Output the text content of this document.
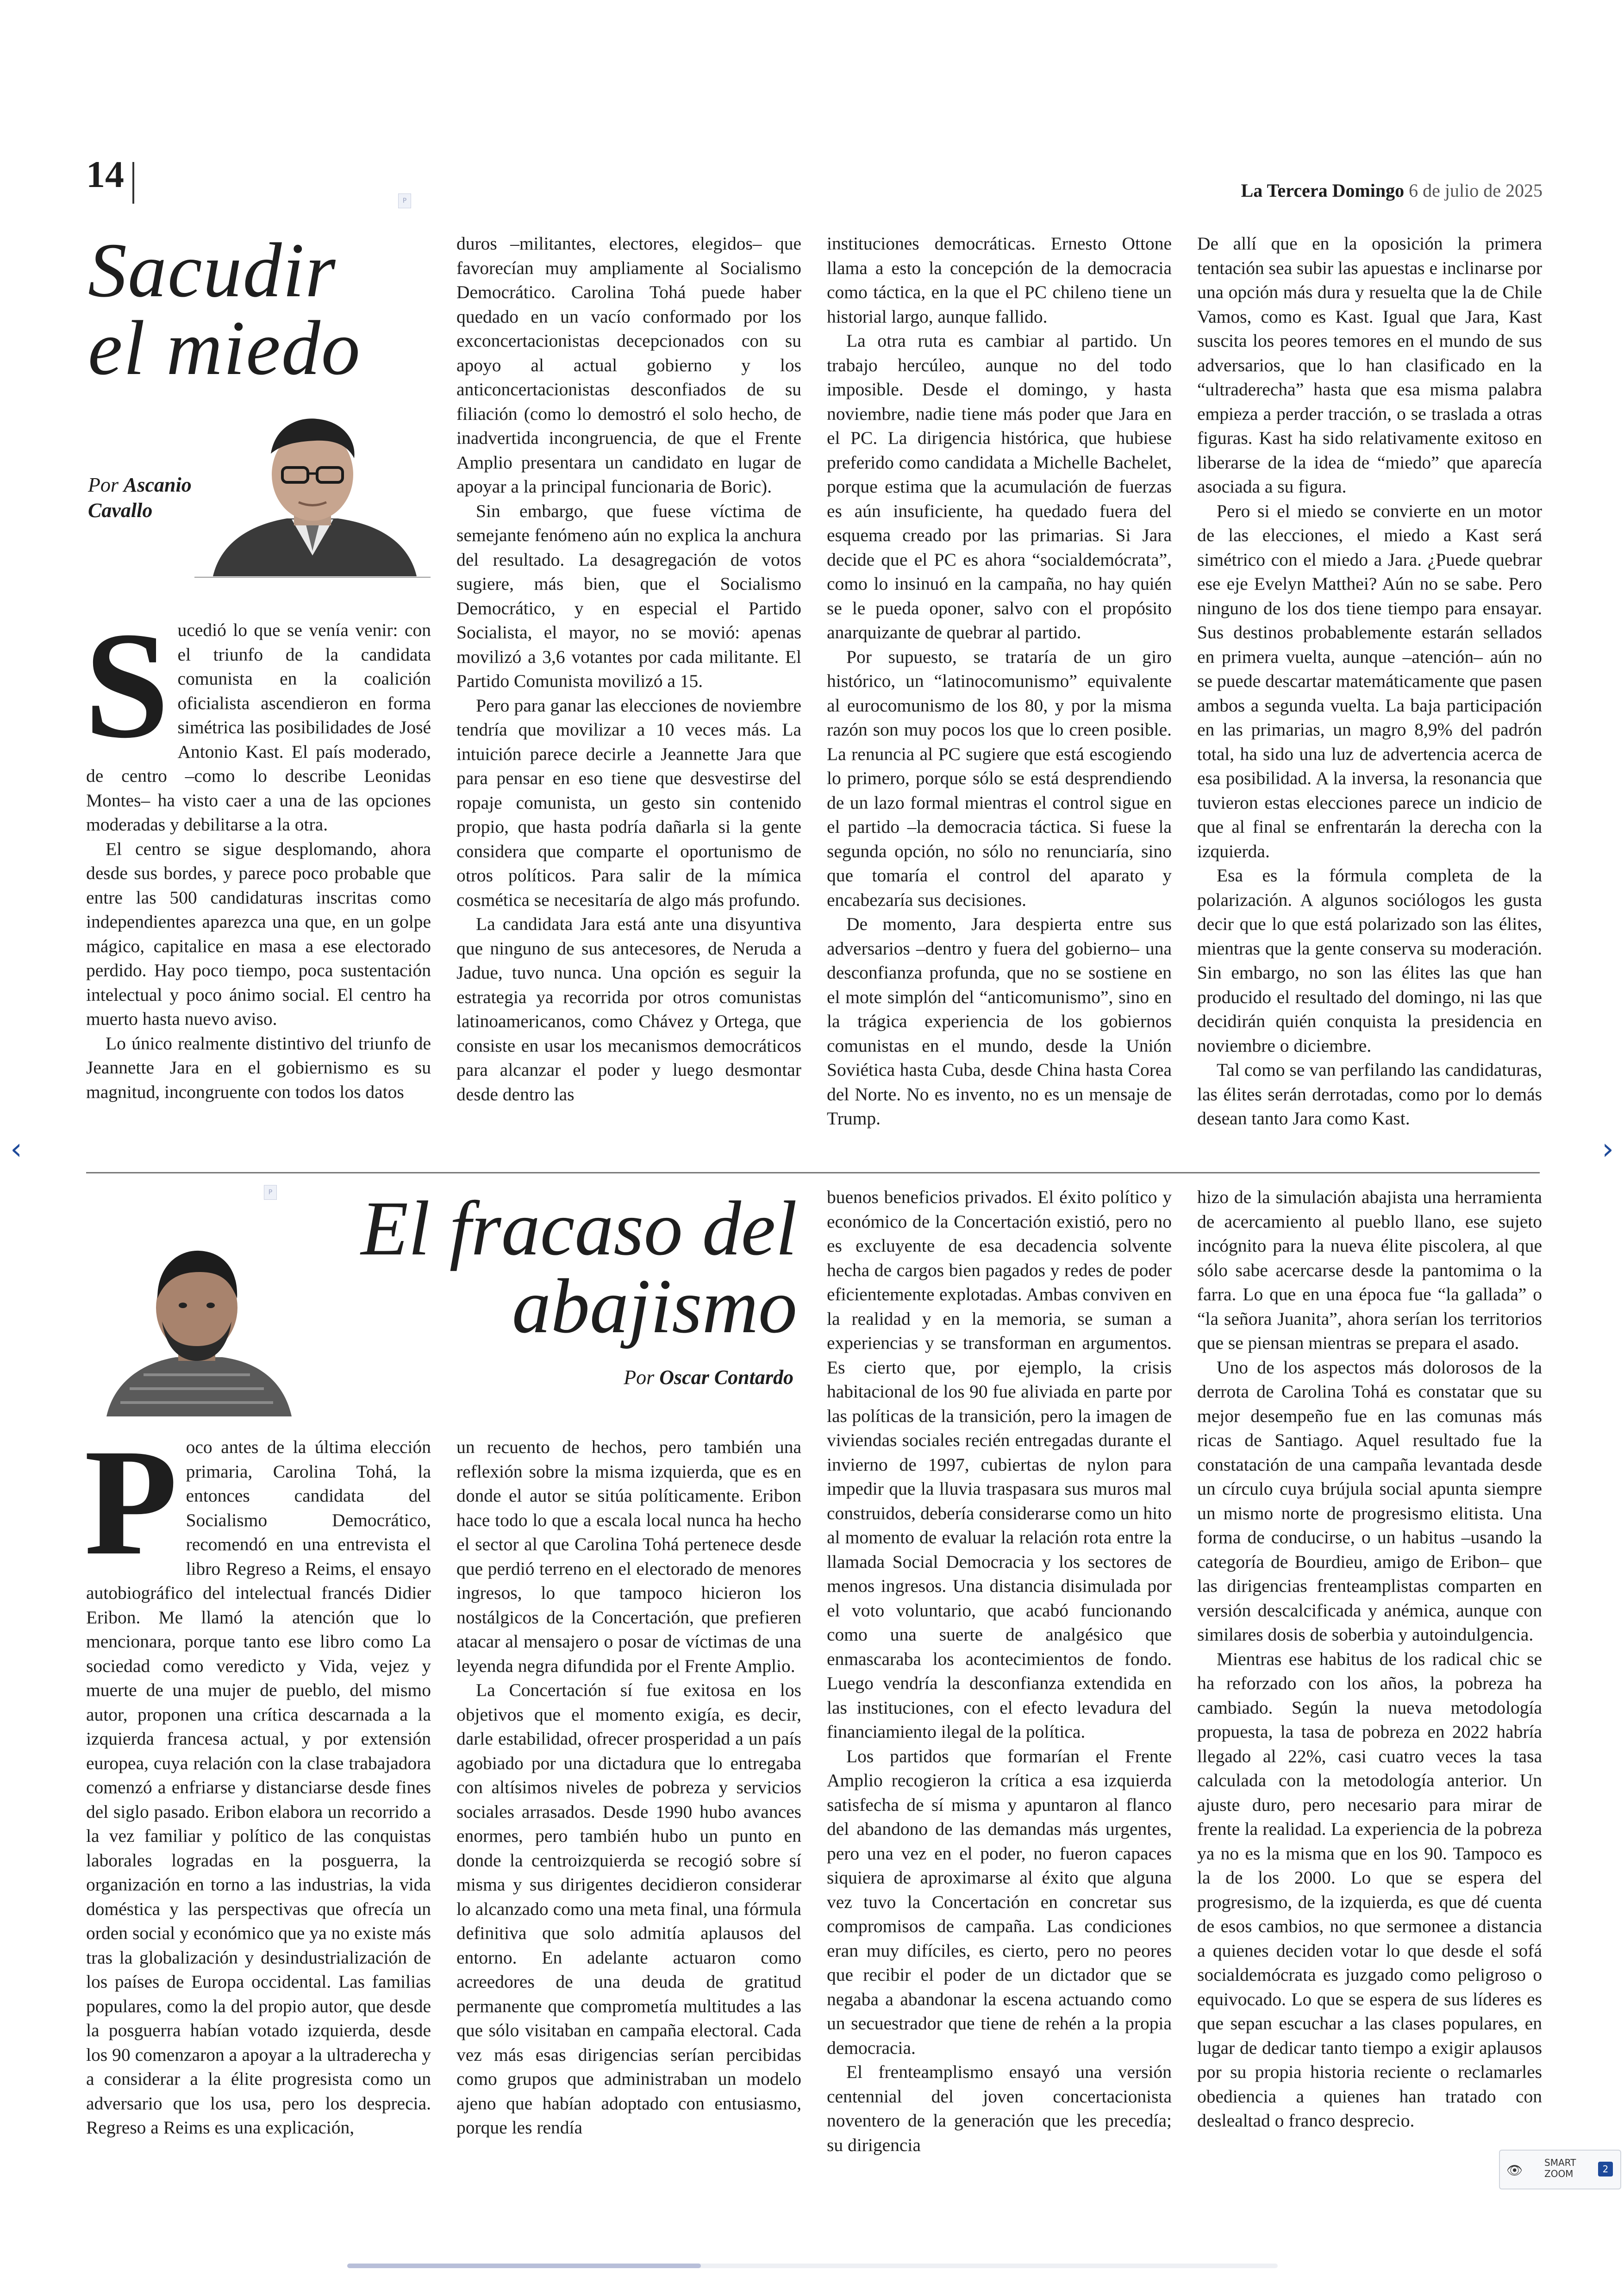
14	La Tercera Domingo 6 de julio de 2025
P
Sacudir
el miedo
Por Ascanio
Cavallo
S ucedió lo que se venía venir: con el triunfo de la candidata comunista en la coalición oficialista ascendieron en forma simétrica las posibilidades de José Antonio Kast. El país moderado, de centro –como lo describe Leonidas Montes– ha visto caer a una de las opciones moderadas y debilitarse a la otra.

El centro se sigue desplomando, ahora desde sus bordes, y parece poco probable que entre las 500 candidaturas inscritas como independientes aparezca una que, en un golpe mágico, capitalice en masa a ese electorado perdido. Hay poco tiempo, poca sustentación intelectual y poco ánimo social. El centro ha muerto hasta nuevo aviso.

Lo único realmente distintivo del triunfo de Jeannette Jara en el gobiernismo es su magnitud, incongruente con todos los datos

duros –militantes, electores, elegidos– que favorecían muy ampliamente al Socialismo Democrático. Carolina Tohá puede haber quedado en un vacío conformado por los exconcertacionistas decepcionados con su apoyo al actual gobierno y los anticoncertacionistas desconfiados de su filiación (como lo demostró el solo hecho, de inadvertida incongruencia, de que el Frente Amplio presentara un candidato en lugar de apoyar a la principal funcionaria de Boric).

Sin embargo, que fuese víctima de semejante fenómeno aún no explica la anchura del resultado. La desagregación de votos sugiere, más bien, que el Socialismo Democrático, y en especial el Partido Socialista, el mayor, no se movió: apenas movilizó a 3,6 votantes por cada militante. El Partido Comunista movilizó a 15.

Pero para ganar las elecciones de noviembre tendría que movilizar a 10 veces más. La intuición parece decirle a Jeannette Jara que para pensar en eso tiene que desvestirse del ropaje comunista, un gesto sin contenido propio, que hasta podría dañarla si la gente considera que comparte el oportunismo de otros políticos. Para salir de la mímica cosmética se necesitaría de algo más profundo.

La candidata Jara está ante una disyuntiva que ninguno de sus antecesores, de Neruda a Jadue, tuvo nunca. Una opción es seguir la estrategia ya recorrida por otros comunistas latinoamericanos, como Chávez y Ortega, que consiste en usar los mecanismos democráticos para alcanzar el poder y luego desmontar desde dentro las

instituciones democráticas. Ernesto Ottone llama a esto la concepción de la democracia como táctica, en la que el PC chileno tiene un historial largo, aunque fallido.

La otra ruta es cambiar al partido. Un trabajo hercúleo, aunque no del todo imposible. Desde el domingo, y hasta noviembre, nadie tiene más poder que Jara en el PC. La dirigencia histórica, que hubiese preferido como candidata a Michelle Bachelet, porque estima que la acumulación de fuerzas es aún insuficiente, ha quedado fuera del esquema creado por las primarias. Si Jara decide que el PC es ahora “socialdemócrata”, como lo insinuó en la campaña, no hay quién se le pueda oponer, salvo con el propósito anarquizante de quebrar al partido.

Por supuesto, se trataría de un giro histórico, un “latinocomunismo” equivalente al eurocomunismo de los 80, y por la misma razón son muy pocos los que lo creen posible. La renuncia al PC sugiere que está escogiendo lo primero, porque sólo se está desprendiendo de un lazo formal mientras el control sigue en el partido –la democracia táctica. Si fuese la segunda opción, no sólo no renunciaría, sino que tomaría el control del aparato y encabezaría sus decisiones.

De momento, Jara despierta entre sus adversarios –dentro y fuera del gobierno– una desconfianza profunda, que no se sostiene en el mote simplón del “anticomunismo”, sino en la trágica experiencia de los gobiernos comunistas en el mundo, desde la Unión Soviética hasta Cuba, desde China hasta Corea del Norte. No es invento, no es un mensaje de Trump.

De allí que en la oposición la primera tentación sea subir las apuestas e inclinarse por una opción más dura y resuelta que la de Chile Vamos, como es Kast. Igual que Jara, Kast suscita los peores temores en el mundo de sus adversarios, que lo han clasificado en la “ultraderecha” hasta que esa misma palabra empieza a perder tracción, o se traslada a otras figuras. Kast ha sido relativamente exitoso en liberarse de la idea de “miedo” que aparecía asociada a su figura.

Pero si el miedo se convierte en un motor de las elecciones, el miedo a Kast será simétrico con el miedo a Jara. ¿Puede quebrar ese eje Evelyn Matthei? Aún no se sabe. Pero ninguno de los dos tiene tiempo para ensayar. Sus destinos probablemente estarán sellados en primera vuelta, aunque –atención– aún no se puede descartar matemáticamente que pasen ambos a segunda vuelta. La baja participación en las primarias, un magro 8,9% del padrón total, ha sido una luz de advertencia acerca de esa posibilidad. A la inversa, la resonancia que tuvieron estas elecciones parece un indicio de que al final se enfrentarán la derecha con la izquierda.

Esa es la fórmula completa de la polarización. A algunos sociólogos les gusta decir que lo que está polarizado son las élites, mientras que la gente conserva su moderación. Sin embargo, no son las élites las que han producido el resultado del domingo, ni las que decidirán quién conquista la presidencia en noviembre o diciembre.

Tal como se van perfilando las candidaturas, las élites serán derrotadas, como por lo demás desean tanto Jara como Kast.

‹	›
P El fracaso del
abajismo
Por Oscar Contardo
P oco antes de la última elección primaria, Carolina Tohá, la entonces candidata del Socialismo Democrático, recomendó en una entrevista el libro Regreso a Reims, el ensayo autobiográfico del intelectual francés Didier Eribon. Me llamó la atención que lo mencionara, porque tanto ese libro como La sociedad como veredicto y Vida, vejez y muerte de una mujer de pueblo, del mismo autor, proponen una crítica descarnada a la izquierda francesa actual, y por extensión europea, cuya relación con la clase trabajadora comenzó a enfriarse y distanciarse desde fines del siglo pasado. Eribon elabora un recorrido a la vez familiar y político de las conquistas laborales logradas en la posguerra, la organización en torno a las industrias, la vida doméstica y las perspectivas que ofrecía un orden social y económico que ya no existe más tras la globalización y desindustrialización de los países de Europa occidental. Las familias populares, como la del propio autor, que desde la posguerra habían votado izquierda, desde los 90 comenzaron a apoyar a la ultraderecha y a considerar a la élite progresista como un adversario que los usa, pero los desprecia. Regreso a Reims es una explicación,

un recuento de hechos, pero también una reflexión sobre la misma izquierda, que es en donde el autor se sitúa políticamente. Eribon hace todo lo que a escala local nunca ha hecho el sector al que Carolina Tohá pertenece desde que perdió terreno en el electorado de menores ingresos, lo que tampoco hicieron los nostálgicos de la Concertación, que prefieren atacar al mensajero o posar de víctimas de una leyenda negra difundida por el Frente Amplio.

La Concertación sí fue exitosa en los objetivos que el momento exigía, es decir, darle estabilidad, ofrecer prosperidad a un país agobiado por una dictadura que lo entregaba con altísimos niveles de pobreza y servicios sociales arrasados. Desde 1990 hubo avances enormes, pero también hubo un punto en donde la centroizquierda se recogió sobre sí misma y sus dirigentes decidieron considerar lo alcanzado como una meta final, una fórmula definitiva que solo admitía aplausos del entorno. En adelante actuaron como acreedores de una deuda de gratitud permanente que comprometía multitudes a las que sólo visitaban en campaña electoral. Cada vez más esas dirigencias serían percibidas como grupos que administraban un modelo ajeno que habían adoptado con entusiasmo, porque les rendía

buenos beneficios privados. El éxito político y económico de la Concertación existió, pero no es excluyente de esa decadencia solvente hecha de cargos bien pagados y redes de poder eficientemente explotadas. Ambas conviven en la realidad y en la memoria, se suman a experiencias y se transforman en argumentos. Es cierto que, por ejemplo, la crisis habitacional de los 90 fue aliviada en parte por las políticas de la transición, pero la imagen de viviendas sociales recién entregadas durante el invierno de 1997, cubiertas de nylon para impedir que la lluvia traspasara sus muros mal construidos, debería considerarse como un hito al momento de evaluar la relación rota entre la llamada Social Democracia y los sectores de menos ingresos. Una distancia disimulada por el voto voluntario, que acabó funcionando como una suerte de analgésico que enmascaraba los acontecimientos de fondo. Luego vendría la desconfianza extendida en las instituciones, con el efecto levadura del financiamiento ilegal de la política.

Los partidos que formarían el Frente Amplio recogieron la crítica a esa izquierda satisfecha de sí misma y apuntaron al flanco del abandono de las demandas más urgentes, pero una vez en el poder, no fueron capaces siquiera de aproximarse al éxito que alguna vez tuvo la Concertación en concretar sus compromisos de campaña. Las condiciones eran muy difíciles, es cierto, pero no peores que recibir el poder de un dictador que se negaba a abandonar la escena actuando como un secuestrador que tiene de rehén a la propia democracia.

El frenteamplismo ensayó una versión centennial del joven concertacionista noventero de la generación que les precedía; su dirigencia

hizo de la simulación abajista una herramienta de acercamiento al pueblo llano, ese sujeto incógnito para la nueva élite piscolera, al que sólo sabe acercarse desde la pantomima o la farra. Lo que en una época fue “la gallada” o “la señora Juanita”, ahora serían los territorios que se piensan mientras se prepara el asado.

Uno de los aspectos más dolorosos de la derrota de Carolina Tohá es constatar que su mejor desempeño fue en las comunas más ricas de Santiago. Aquel resultado fue la constatación de una campaña levantada desde un círculo cuya brújula social apunta siempre un mismo norte de progresismo elitista. Una forma de conducirse, o un habitus –usando la categoría de Bourdieu, amigo de Eribon– que las dirigencias frenteamplistas comparten en versión descalcificada y anémica, aunque con similares dosis de soberbia y autoindulgencia.

Mientras ese habitus de los radical chic se ha reforzado con los años, la pobreza ha cambiado. Según la nueva metodología propuesta, la tasa de pobreza en 2022 habría llegado al 22%, casi cuatro veces la tasa calculada con la metodología anterior. Un ajuste duro, pero necesario para mirar de frente la realidad. La experiencia de la pobreza ya no es la misma que en los 90. Tampoco es la de los 2000. Lo que se espera del progresismo, de la izquierda, es que dé cuenta de esos cambios, no que sermonee a distancia a quienes deciden votar lo que desde el sofá socialdemócrata es juzgado como peligroso o equivocado. Lo que se espera de sus líderes es que sepan escuchar a las clases populares, en lugar de dedicar tanto tiempo a exigir aplausos por su propia historia reciente o reclamarles obediencia a quienes han tratado con deslealtad o franco desprecio.

👁 SMART
ZOOM	2
